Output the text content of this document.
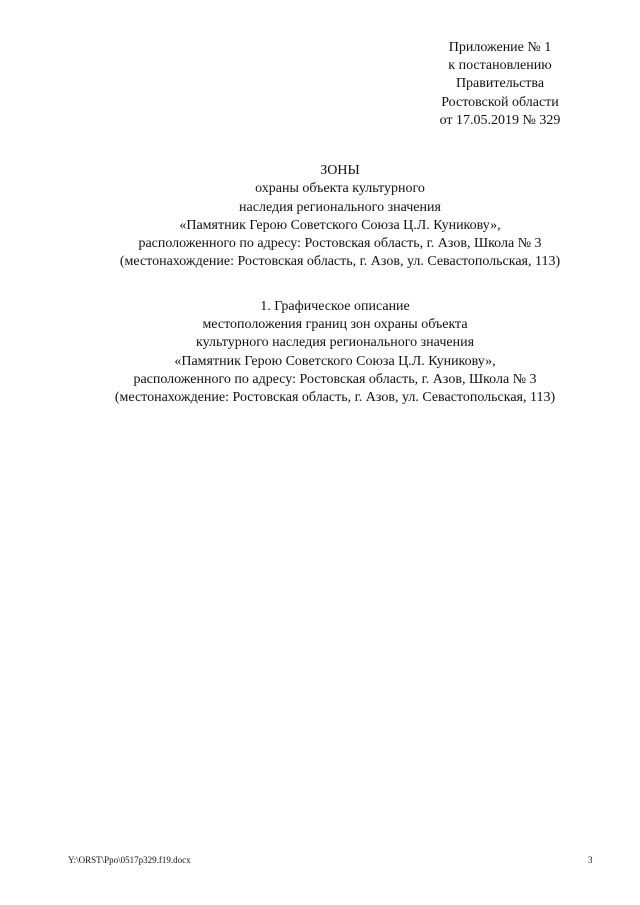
Приложение № 1
к постановлению
Правительства
Ростовской области
от 17.05.2019 № 329
ЗОНЫ
охраны объекта культурного
наследия регионального значения
«Памятник Герою Советского Союза Ц.Л. Куникову»,
расположенного по адресу: Ростовская область, г. Азов, Школа № 3
(местонахождение: Ростовская область, г. Азов, ул. Севастопольская, 113)
1. Графическое описание
местоположения границ зон охраны объекта
культурного наследия регионального значения
«Памятник Герою Советского Союза Ц.Л. Куникову»,
расположенного по адресу: Ростовская область, г. Азов, Школа № 3
(местонахождение: Ростовская область, г. Азов, ул. Севастопольская, 113)
Y:\ORST\Ppo\0517p329.f19.docx	3
